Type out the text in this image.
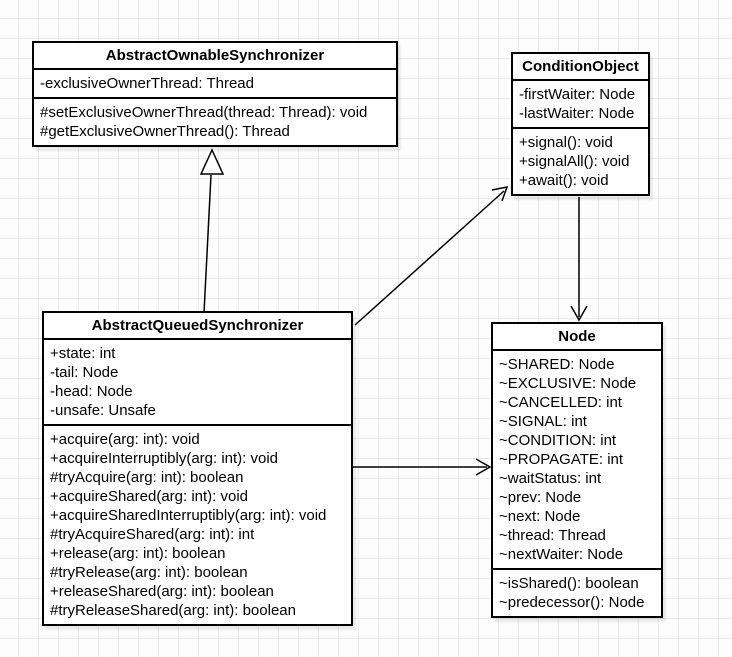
AbstractOwnableSynchronizer
-exclusiveOwnerThread: Thread
#setExclusiveOwnerThread(thread: Thread): void
#getExclusiveOwnerThread(): Thread
ConditionObject
-firstWaiter: Node
-lastWaiter: Node
+signal(): void
+signalAll(): void
+await(): void
AbstractQueuedSynchronizer
+state: int
-tail: Node
-head: Node
-unsafe: Unsafe
+acquire(arg: int): void
+acquireInterruptibly(arg: int): void
#tryAcquire(arg: int): boolean
+acquireShared(arg: int): void
+acquireSharedInterruptibly(arg: int): void
#tryAcquireShared(arg: int): int
+release(arg: int): boolean
#tryRelease(arg: int): boolean
+releaseShared(arg: int): boolean
#tryReleaseShared(arg: int): boolean
Node
~SHARED: Node
~EXCLUSIVE: Node
~CANCELLED: int
~SIGNAL: int
~CONDITION: int
~PROPAGATE: int
~waitStatus: int
~prev: Node
~next: Node
~thread: Thread
~nextWaiter: Node
~isShared(): boolean
~predecessor(): Node
